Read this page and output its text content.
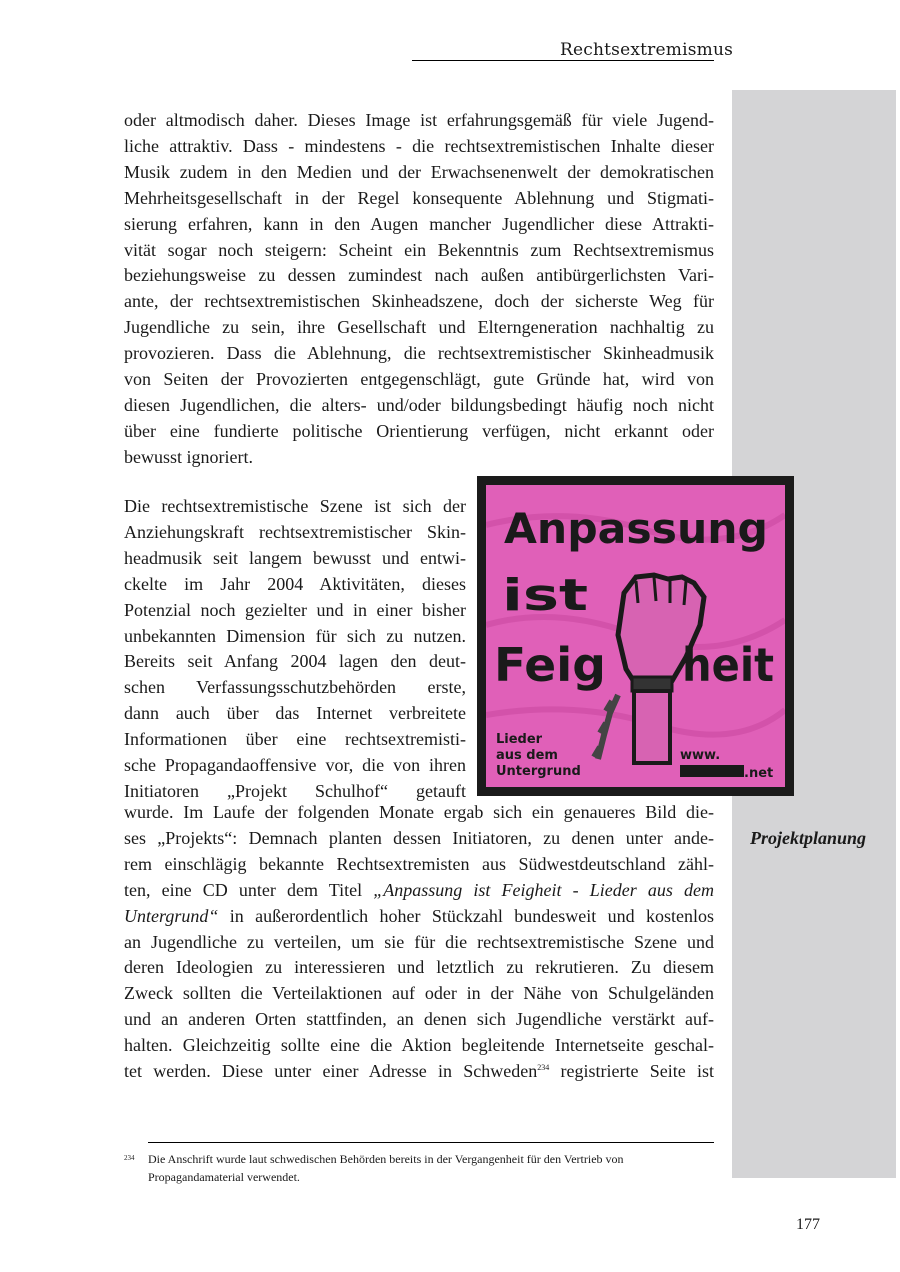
Rechtsextremismus
Projektplanung
oder altmodisch daher. Dieses Image ist erfahrungsgemäß für viele Jugend-
liche attraktiv. Dass - mindestens - die rechtsextremistischen Inhalte dieser
Musik zudem in den Medien und der Erwachsenenwelt der demokratischen
Mehrheitsgesellschaft in der Regel konsequente Ablehnung und Stigmati-
sierung erfahren, kann in den Augen mancher Jugendlicher diese Attrakti-
vität sogar noch steigern: Scheint ein Bekenntnis zum Rechtsextremismus
beziehungsweise zu dessen zumindest nach außen antibürgerlichsten Vari-
ante, der rechtsextremistischen Skinheadszene, doch der sicherste Weg für
Jugendliche zu sein, ihre Gesellschaft und Elterngeneration nachhaltig zu
provozieren. Dass die Ablehnung, die rechtsextremistischer Skinheadmusik
von Seiten der Provozierten entgegenschlägt, gute Gründe hat, wird von
diesen Jugendlichen, die alters- und/oder bildungsbedingt häufig noch nicht
über eine fundierte politische Orientierung verfügen, nicht erkannt oder
bewusst ignoriert.
Die rechtsextremistische Szene ist sich der
Anziehungskraft rechtsextremistischer Skin-
headmusik seit langem bewusst und entwi-
ckelte im Jahr 2004 Aktivitäten, dieses
Potenzial noch gezielter und in einer bisher
unbekannten Dimension für sich zu nutzen.
Bereits seit Anfang 2004 lagen den deut-
schen Verfassungsschutzbehörden erste,
dann auch über das Internet verbreitete
Informationen über eine rechtsextremisti-
sche Propagandaoffensive vor, die von ihren
Initiatoren „Projekt Schulhof“ getauft
Anpassung
ist
Feig heit
Lieder
aus dem
Untergrund
www.
.net
wurde. Im Laufe der folgenden Monate ergab sich ein genaueres Bild die-
ses „Projekts“: Demnach planten dessen Initiatoren, zu denen unter ande-
rem einschlägig bekannte Rechtsextremisten aus Südwestdeutschland zähl-
ten, eine CD unter dem Titel „Anpassung ist Feigheit - Lieder aus dem
Untergrund“ in außerordentlich hoher Stückzahl bundesweit und kostenlos
an Jugendliche zu verteilen, um sie für die rechtsextremistische Szene und
deren Ideologien zu interessieren und letztlich zu rekrutieren. Zu diesem
Zweck sollten die Verteilaktionen auf oder in der Nähe von Schulgeländen
und an anderen Orten stattfinden, an denen sich Jugendliche verstärkt auf-
halten. Gleichzeitig sollte eine die Aktion begleitende Internetseite geschal-
tet werden. Diese unter einer Adresse in Schweden$^{234}$ registrierte Seite ist
234 Die Anschrift wurde laut schwedischen Behörden bereits in der Vergangenheit für den Vertrieb von Propagandamaterial verwendet.
177
